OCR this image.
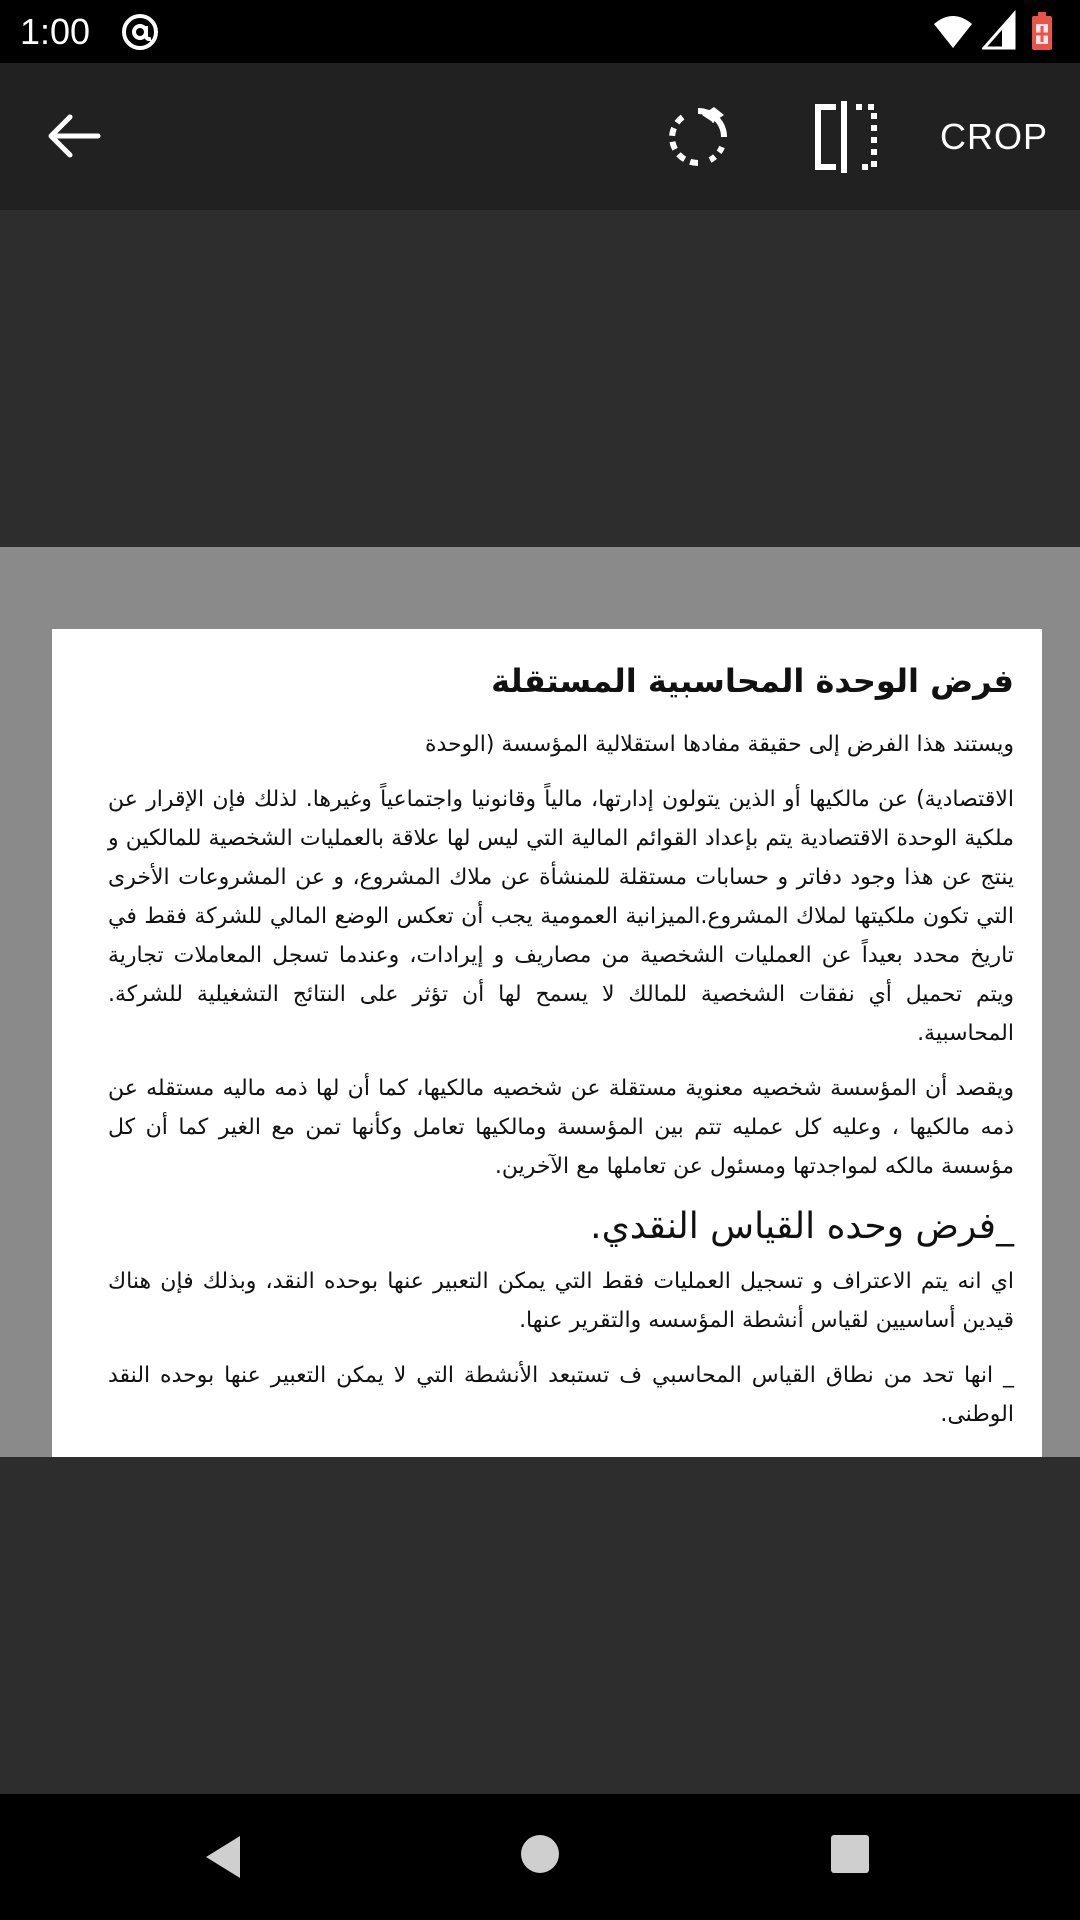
1:00
CROP
فرض الوحدة المحاسبية المستقلة

ويستند هذا الفرض إلى حقيقة مفادها استقلالية المؤسسة (الوحدة

الاقتصادية) عن مالكيها أو الذين يتولون إدارتها، مالياً وقانونيا واجتماعياً وغيرها. لذلك فإن الإقرار عن ملكية الوحدة الاقتصادية يتم بإعداد القوائم المالية التي ليس لها علاقة بالعمليات الشخصية للمالكين و ينتج عن هذا وجود دفاتر و حسابات مستقلة للمنشأة عن ملاك المشروع، و عن المشروعات الأخرى التي تكون ملكيتها لملاك المشروع.الميزانية العمومية يجب أن تعكس الوضع المالي للشركة فقط في تاريخ محدد بعيداً عن العمليات الشخصية من مصاريف و إيرادات، وعندما تسجل المعاملات تجارية ويتم تحميل أي نفقات الشخصية للمالك لا يسمح لها أن تؤثر على النتائج التشغيلية للشركة. المحاسبية.

ويقصد أن المؤسسة شخصيه معنوية مستقلة عن شخصيه مالكيها، كما أن لها ذمه ماليه مستقله عن ذمه مالكيها ، وعليه كل عمليه تتم بين المؤسسة ومالكيها تعامل وكأنها تمن مع الغير كما أن كل مؤسسة مالكه لمواجدتها ومسئول عن تعاملها مع الآخرين.

_فرض وحده القياس النقدي.

اي انه يتم الاعتراف و تسجيل العمليات فقط التي يمكن التعبير عنها بوحده النقد، وبذلك فإن هناك قيدين أساسيين لقياس أنشطة المؤسسه والتقرير عنها.

_ انها تحد من نطاق القياس المحاسبي ف تستبعد الأنشطة التي لا يمكن التعبير عنها بوحده النقد الوطنى.
